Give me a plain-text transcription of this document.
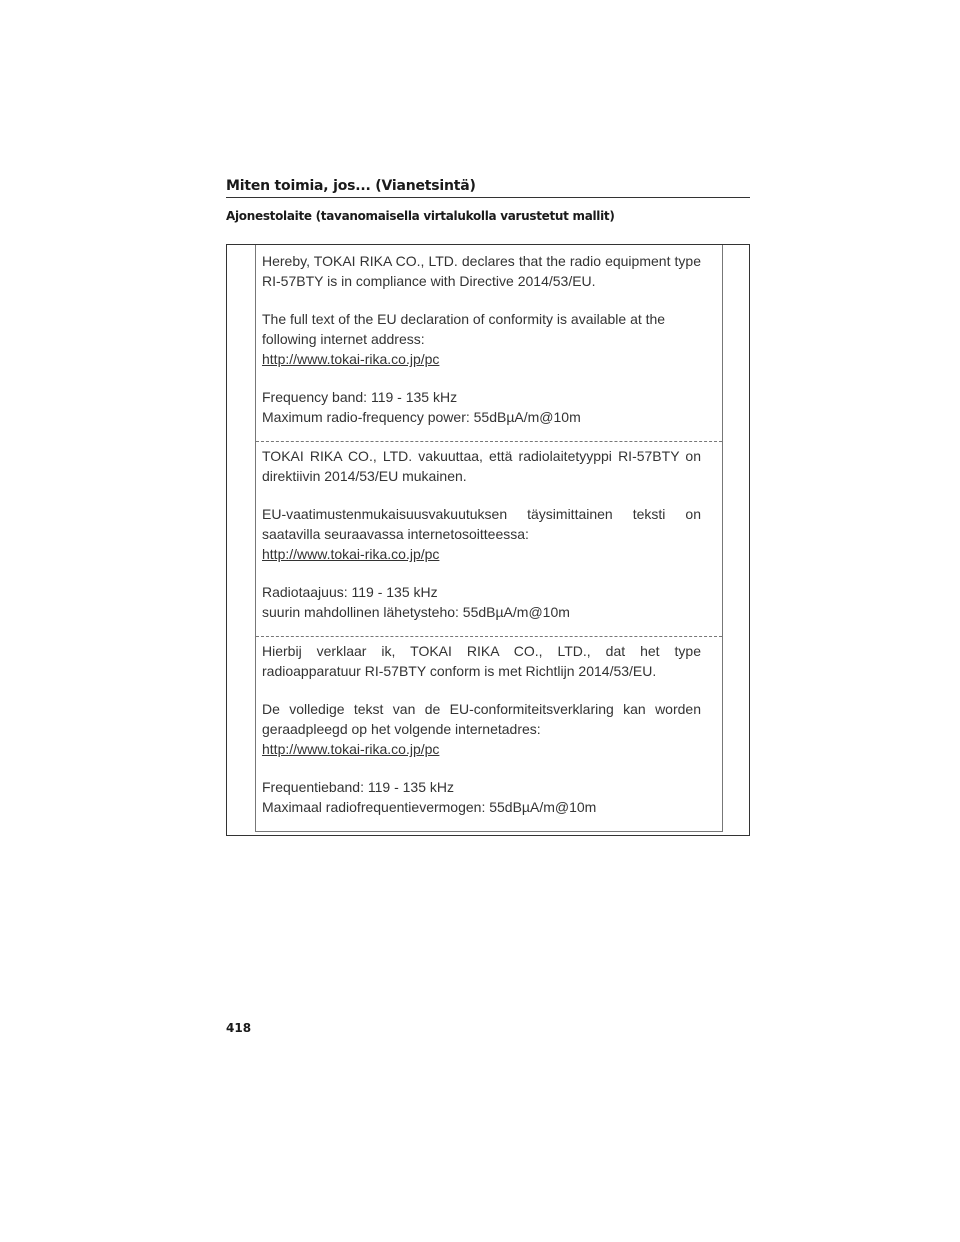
Miten toimia, jos... (Vianetsintä)
Ajonestolaite (tavanomaisella virtalukolla varustetut mallit)
Hereby, TOKAI RIKA CO., LTD. declares that the radio equipment type
RI-57BTY is in compliance with Directive 2014/53/EU.
The full text of the EU declaration of conformity is available at the
following internet address:
http://www.tokai-rika.co.jp/pc
Frequency band: 119 - 135 kHz
Maximum radio-frequency power: 55dBµA/m@10m
TOKAI RIKA CO., LTD. vakuuttaa, että radiolaitetyyppi RI-57BTY on
direktiivin 2014/53/EU mukainen.
EU-vaatimustenmukaisuusvakuutuksen täysimittainen teksti on
saatavilla seuraavassa internetosoitteessa:
http://www.tokai-rika.co.jp/pc
Radiotaajuus: 119 - 135 kHz
suurin mahdollinen lähetysteho: 55dBµA/m@10m
Hierbij verklaar ik, TOKAI RIKA CO., LTD., dat het type
radioapparatuur RI-57BTY conform is met Richtlijn 2014/53/EU.
De volledige tekst van de EU-conformiteitsverklaring kan worden
geraadpleegd op het volgende internetadres:
http://www.tokai-rika.co.jp/pc
Frequentieband: 119 - 135 kHz
Maximaal radiofrequentievermogen: 55dBµA/m@10m
418
